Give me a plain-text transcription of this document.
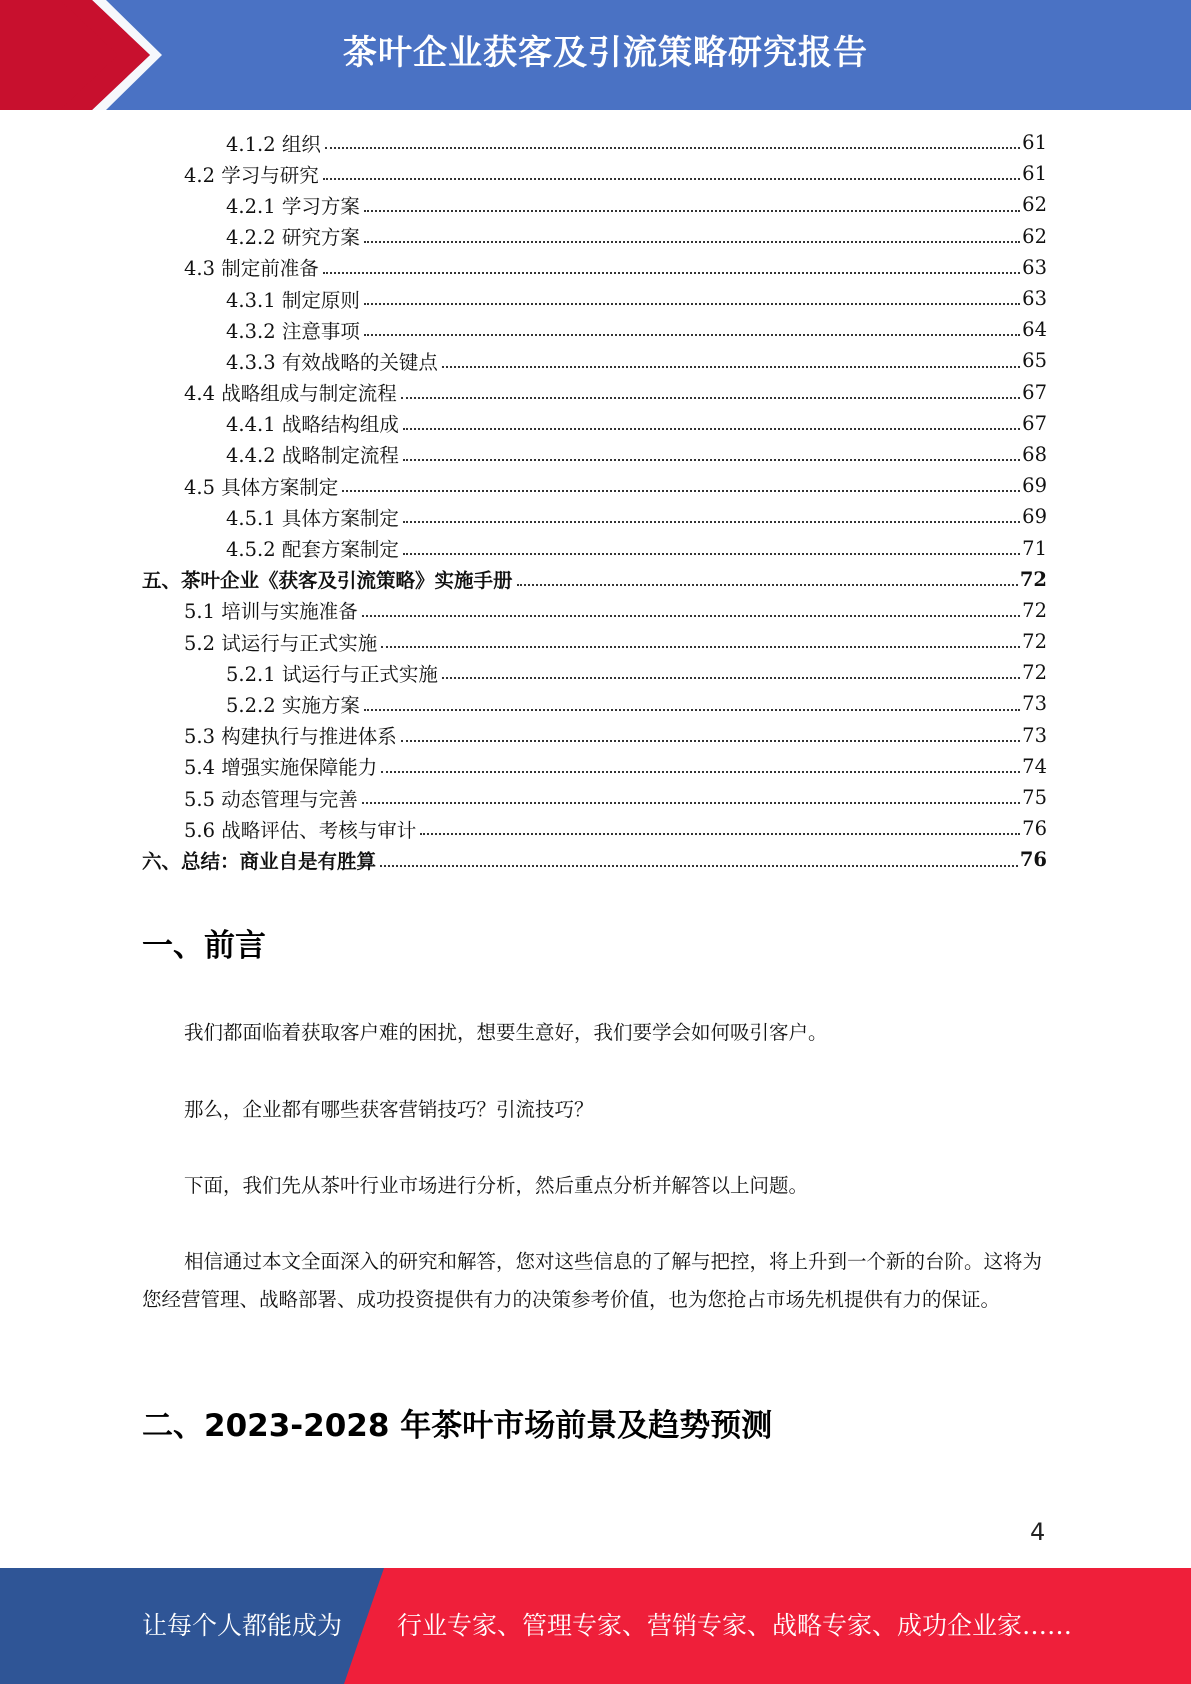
茶叶企业获客及引流策略研究报告
4.1.2 组织	61
4.2 学习与研究	61
4.2.1 学习方案	62
4.2.2 研究方案	62
4.3 制定前准备	63
4.3.1 制定原则	63
4.3.2 注意事项	64
4.3.3 有效战略的关键点	65
4.4 战略组成与制定流程	67
4.4.1 战略结构组成	67
4.4.2 战略制定流程	68
4.5 具体方案制定	69
4.5.1 具体方案制定	69
4.5.2 配套方案制定	71
五、茶叶企业《获客及引流策略》实施手册	72
5.1 培训与实施准备	72
5.2 试运行与正式实施	72
5.2.1 试运行与正式实施	72
5.2.2 实施方案	73
5.3 构建执行与推进体系	73
5.4 增强实施保障能力	74
5.5 动态管理与完善	75
5.6 战略评估、考核与审计	76
六、总结：商业自是有胜算	76
一、前言
我们都面临着获取客户难的困扰，想要生意好，我们要学会如何吸引客户。
那么，企业都有哪些获客营销技巧？引流技巧？
下面，我们先从茶叶行业市场进行分析，然后重点分析并解答以上问题。
相信通过本文全面深入的研究和解答，您对这些信息的了解与把控，将上升到一个新的台阶。这将为您经营管理、战略部署、成功投资提供有力的决策参考价值，也为您抢占市场先机提供有力的保证。
二、2023-2028 年茶叶市场前景及趋势预测
4
让每个人都能成为 行业专家、管理专家、营销专家、战略专家、成功企业家……
